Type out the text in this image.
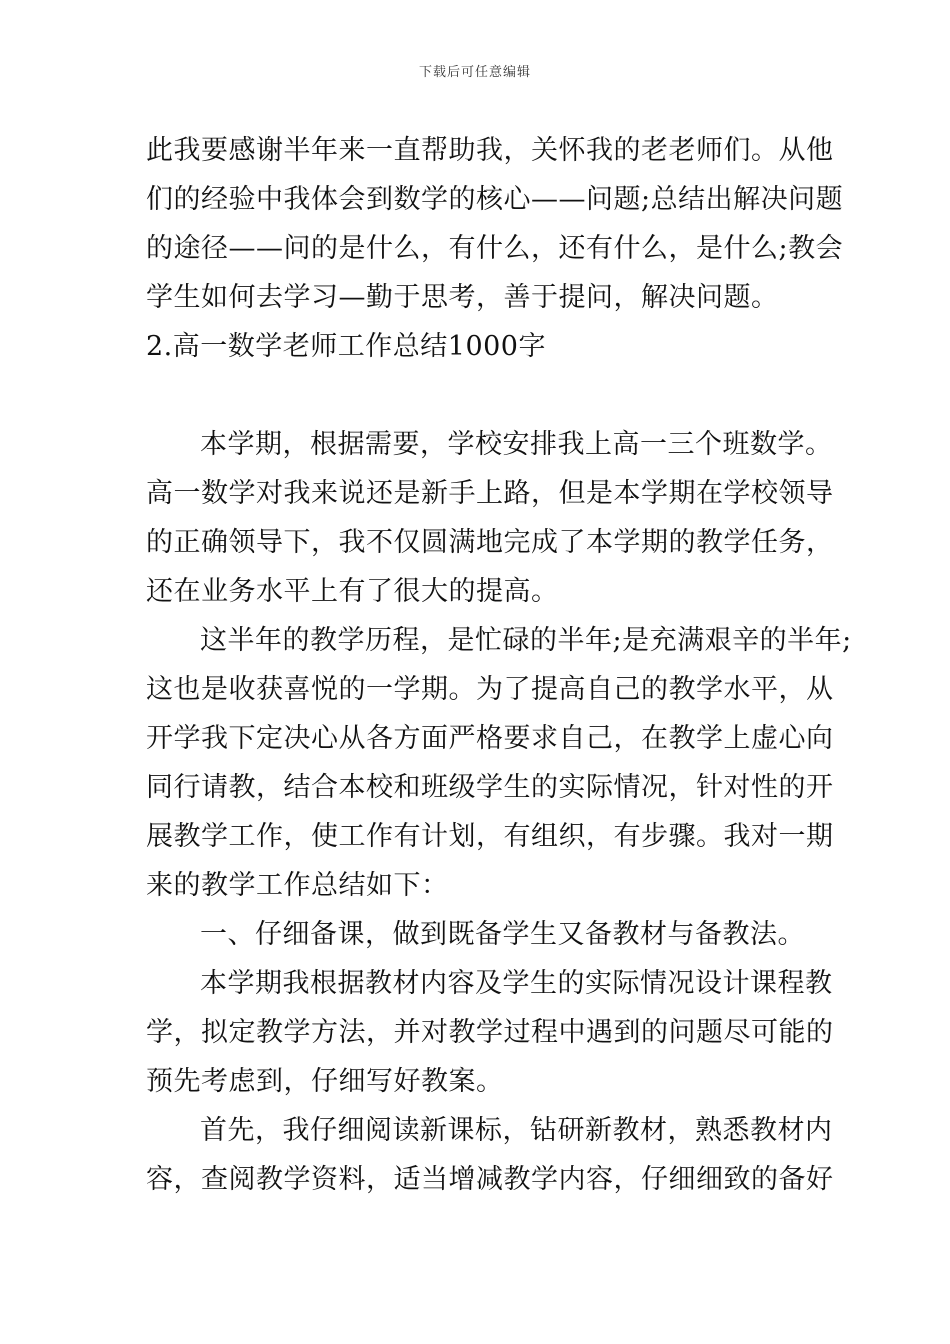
下载后可任意编辑
此我要感谢半年来一直帮助我，关怀我的老老师们。从他
们的经验中我体会到数学的核心——问题;总结出解决问题
的途径——问的是什么，有什么，还有什么，是什么;教会
学生如何去学习—勤于思考，善于提问，解决问题。
2.高一数学老师工作总结1000字
本学期，根据需要，学校安排我上高一三个班数学。
高一数学对我来说还是新手上路，但是本学期在学校领导
的正确领导下，我不仅圆满地完成了本学期的教学任务，
还在业务水平上有了很大的提高。
这半年的教学历程，是忙碌的半年;是充满艰辛的半年;
这也是收获喜悦的一学期。为了提高自己的教学水平，从
开学我下定决心从各方面严格要求自己，在教学上虚心向
同行请教，结合本校和班级学生的实际情况，针对性的开
展教学工作，使工作有计划，有组织，有步骤。我对一期
来的教学工作总结如下：
一、仔细备课，做到既备学生又备教材与备教法。
本学期我根据教材内容及学生的实际情况设计课程教
学，拟定教学方法，并对教学过程中遇到的问题尽可能的
预先考虑到，仔细写好教案。
首先，我仔细阅读新课标，钻研新教材，熟悉教材内
容，查阅教学资料，适当增减教学内容，仔细细致的备好
